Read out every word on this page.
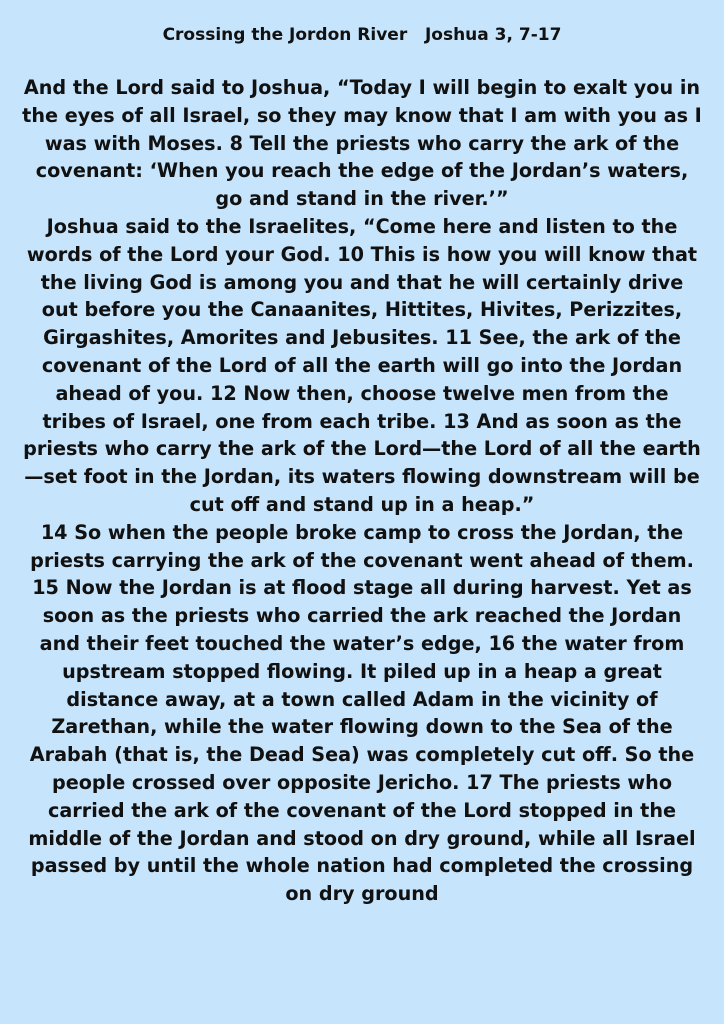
Crossing the Jordon River   Joshua 3, 7-17

And the Lord said to Joshua, “Today I will begin to exalt you in the eyes of all Israel, so they may know that I am with you as I was with Moses. 8 Tell the priests who carry the ark of the covenant: ‘When you reach the edge of the Jordan’s waters, go and stand in the river.’”

Joshua said to the Israelites, “Come here and listen to the words of the Lord your God. 10 This is how you will know that the living God is among you and that he will certainly drive out before you the Canaanites, Hittites, Hivites, Perizzites, Girgashites, Amorites and Jebusites. 11 See, the ark of the covenant of the Lord of all the earth will go into the Jordan ahead of you. 12 Now then, choose twelve men from the tribes of Israel, one from each tribe. 13 And as soon as the priests who carry the ark of the Lord—the Lord of all the earth—set foot in the Jordan, its waters flowing downstream will be cut off and stand up in a heap.”

14 So when the people broke camp to cross the Jordan, the priests carrying the ark of the covenant went ahead of them. 15 Now the Jordan is at flood stage all during harvest. Yet as soon as the priests who carried the ark reached the Jordan and their feet touched the water’s edge, 16 the water from upstream stopped flowing. It piled up in a heap a great distance away, at a town called Adam in the vicinity of Zarethan, while the water flowing down to the Sea of the Arabah (that is, the Dead Sea) was completely cut off. So the people crossed over opposite Jericho. 17 The priests who carried the ark of the covenant of the Lord stopped in the middle of the Jordan and stood on dry ground, while all Israel passed by until the whole nation had completed the crossing on dry ground
